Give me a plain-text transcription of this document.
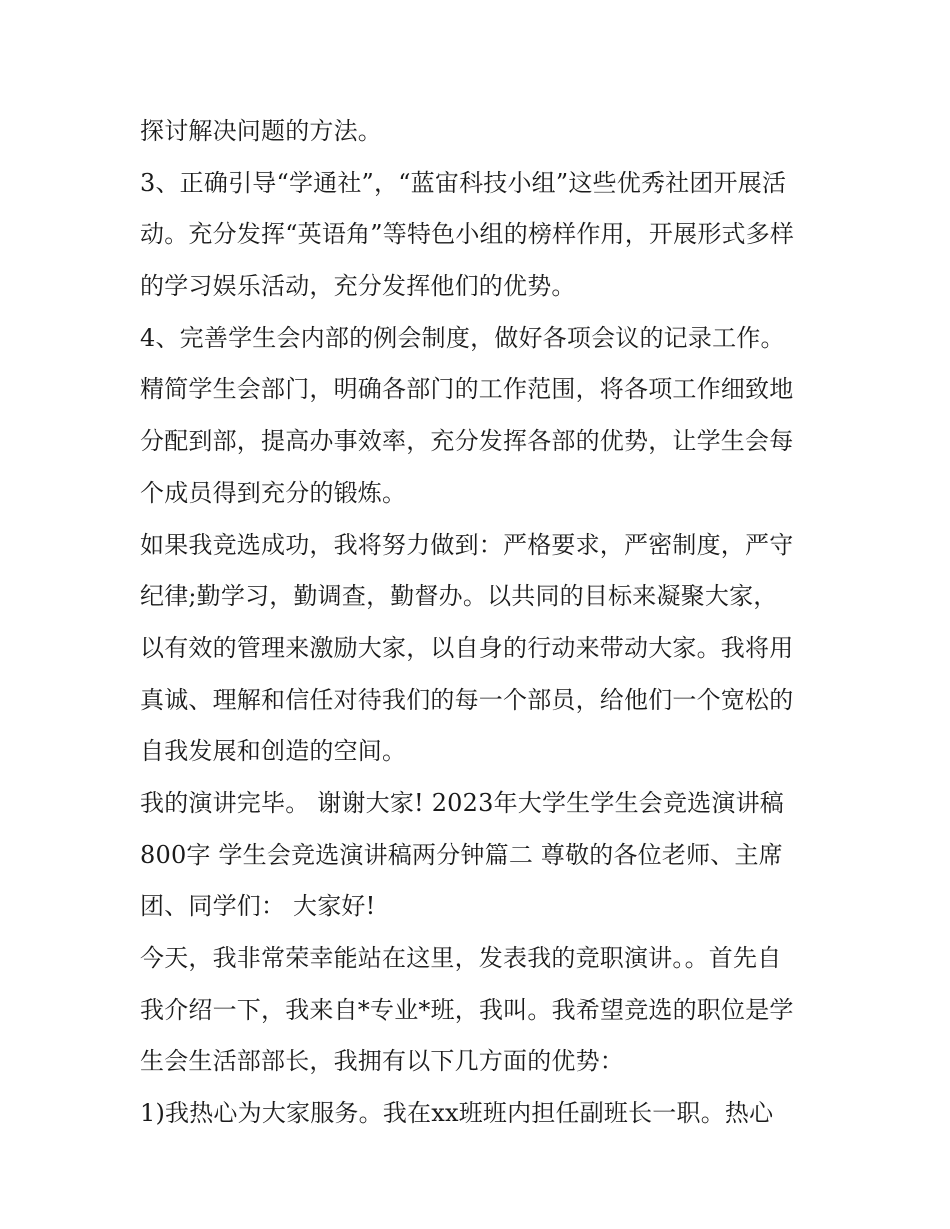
探讨解决问题的方法。
3、正确引导“学通社”，“蓝宙科技小组”这些优秀社团开展活
动。充分发挥“英语角”等特色小组的榜样作用，开展形式多样
的学习娱乐活动，充分发挥他们的优势。
4、完善学生会内部的例会制度，做好各项会议的记录工作。
精简学生会部门，明确各部门的工作范围，将各项工作细致地
分配到部，提高办事效率，充分发挥各部的优势，让学生会每
个成员得到充分的锻炼。
如果我竞选成功，我将努力做到：严格要求，严密制度，严守
纪律;勤学习，勤调查，勤督办。以共同的目标来凝聚大家，
以有效的管理来激励大家，以自身的行动来带动大家。我将用
真诚、理解和信任对待我们的每一个部员，给他们一个宽松的
自我发展和创造的空间。
我的演讲完毕。 谢谢大家! 2023年大学生学生会竞选演讲稿
800字 学生会竞选演讲稿两分钟篇二 尊敬的各位老师、主席
团、同学们： 大家好!
今天，我非常荣幸能站在这里，发表我的竞职演讲。。首先自
我介绍一下，我来自*专业*班，我叫。我希望竞选的职位是学
生会生活部部长，我拥有以下几方面的优势：
1)我热心为大家服务。我在xx班班内担任副班长一职。热心
